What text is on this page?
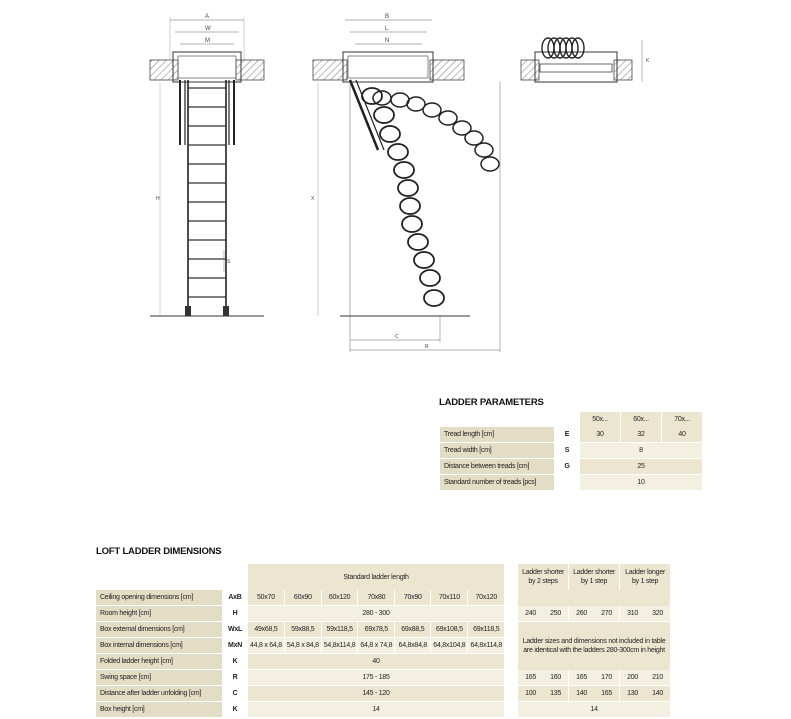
A
W
M
S
H
B
L
N
X
C
R
K
LADDER PARAMETERS
		50x...	60x...	70x...
Tread length [cm]	E	30	32	40
Tread width [cm]	S	8		
Distance between treads [cm]	G	25		
Standard number of treads [pcs]		10		
LOFT LADDER DIMENSIONS
		Standard ladder length								Ladder shorter by 2 steps		Ladder shorter by 1 step		Ladder longer by 1 step	

Ceiling opening dimensions [cm]	AxB	50x70	60x90	60x120	70x80	70x90	70x110	70x120							
Room height [cm]	H	280 - 300								240	250	260	270	310	320
Box external dimensions [cm]	WxL	49x68,5	59x88,5	59x118,5	69x78,5	69x88,5	69x108,5	69x118,5		Ladder sizes and dimensions not included in table are identical with the ladders 280-300cm in height					
Box internal dimensions [cm]	MxN	44,8 x 64,8	54,8 x 84,8	54,8x114,8	64,8 x 74,8	64,8x84,8	64,8x104,8	64,8x114,8							
Folded ladder height [cm]	K	40													
Swing space [cm]	R	175 - 185								165	160	165	170	200	210
Distance after ladder unfolding [cm]	C	145 - 120								100	135	140	165	130	140
Box height [cm]	K	14								14					
